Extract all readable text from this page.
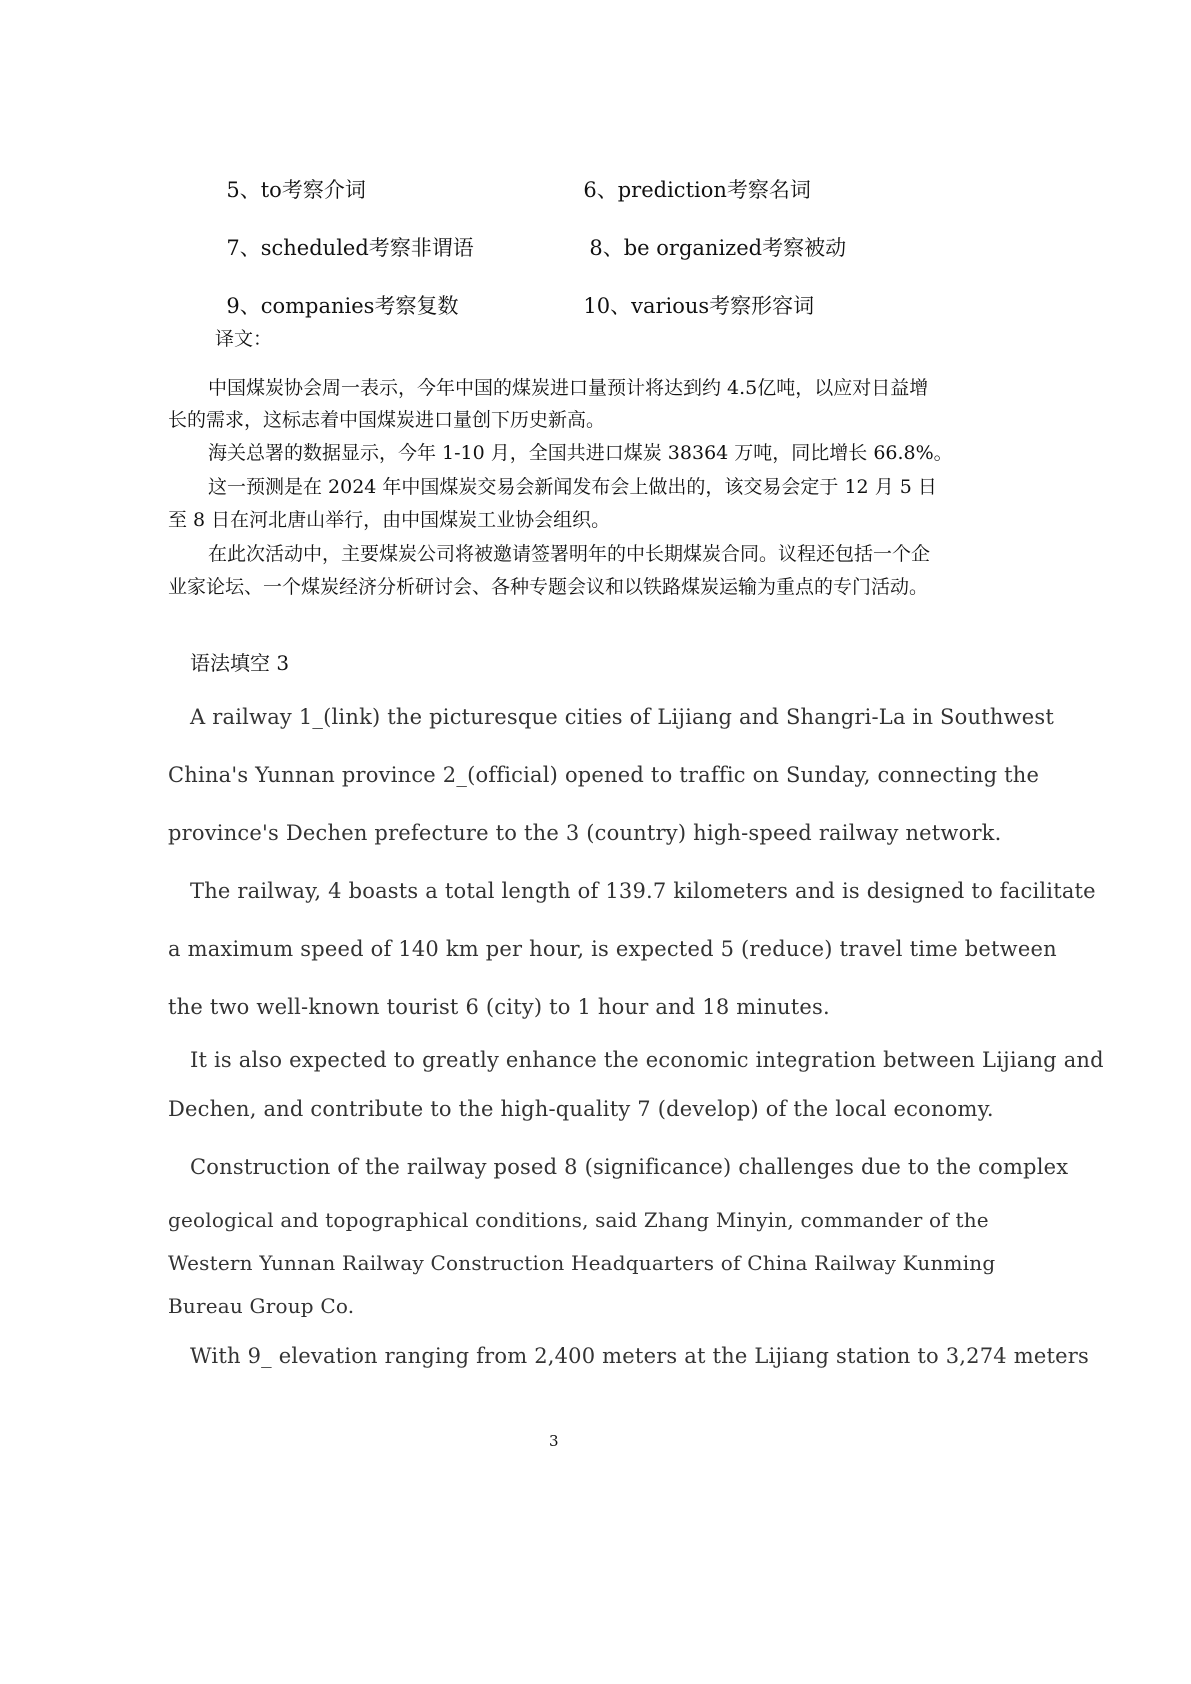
5、to考察介词	6、prediction考察名词

7、scheduled考察非谓语	8、be organized考察被动

9、companies考察复数	10、various考察形容词

译文：
中国煤炭协会周一表示，今年中国的煤炭进口量预计将达到约 4.5亿吨，以应对日益增
长的需求，这标志着中国煤炭进口量创下历史新高。
海关总署的数据显示，今年 1-10 月，全国共进口煤炭 38364 万吨，同比增长 66.8%。
这一预测是在 2024 年中国煤炭交易会新闻发布会上做出的，该交易会定于 12 月 5 日
至 8 日在河北唐山举行，由中国煤炭工业协会组织。
在此次活动中，主要煤炭公司将被邀请签署明年的中长期煤炭合同。议程还包括一个企
业家论坛、一个煤炭经济分析研讨会、各种专题会议和以铁路煤炭运输为重点的专门活动。
语法填空 3
A railway 1_(link) the picturesque cities of Lijiang and Shangri-La in Southwest
China's Yunnan province 2_(official) opened to traffic on Sunday, connecting the
province's Dechen prefecture to the 3 (country) high-speed railway network.
The railway, 4 boasts a total length of 139.7 kilometers and is designed to facilitate
a maximum speed of 140 km per hour, is expected 5 (reduce) travel time between
the two well-known tourist 6 (city) to 1 hour and 18 minutes.
It is also expected to greatly enhance the economic integration between Lijiang and
Dechen, and contribute to the high-quality 7 (develop) of the local economy.
Construction of the railway posed 8 (significance) challenges due to the complex
geological and topographical conditions, said Zhang Minyin, commander of the
Western Yunnan Railway Construction Headquarters of China Railway Kunming
Bureau Group Co.
With 9_ elevation ranging from 2,400 meters at the Lijiang station to 3,274 meters
3
